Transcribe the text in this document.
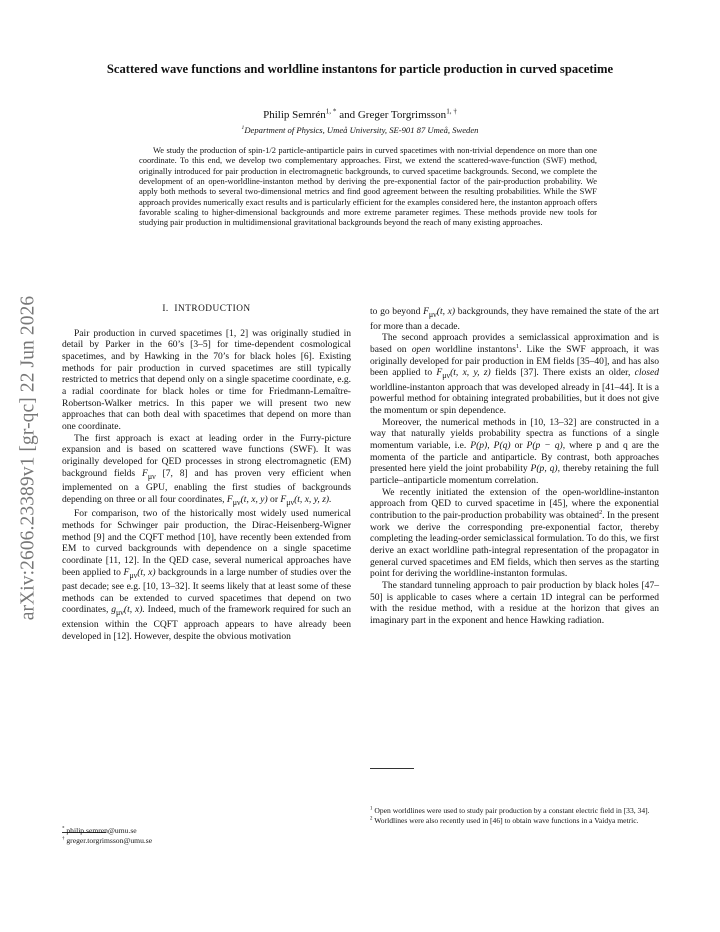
arXiv:2606.23389v1 [gr-qc] 22 Jun 2026
Scattered wave functions and worldline instantons for particle production in curved spacetime
Philip Semrén$^{1, *}$ and Greger Torgrimsson$^{1, \dagger}$
$^1$Department of Physics, Umeå University, SE-901 87 Umeå, Sweden
We study the production of spin-1/2 particle-antiparticle pairs in curved spacetimes with non-trivial dependence on more than one coordinate. To this end, we develop two complementary approaches. First, we extend the scattered-wave-function (SWF) method, originally introduced for pair production in electromagnetic backgrounds, to curved spacetime backgrounds. Second, we complete the development of an open-worldline-instanton method by deriving the pre-exponential factor of the pair-production probability. We apply both methods to several two-dimensional metrics and find good agreement between the resulting probabilities. While the SWF approach provides numerically exact results and is particularly efficient for the examples considered here, the instanton approach offers favorable scaling to higher-dimensional backgrounds and more extreme parameter regimes. These methods provide new tools for studying pair production in multidimensional gravitational backgrounds beyond the reach of many existing approaches.
I. INTRODUCTION

Pair production in curved spacetimes [1, 2] was originally studied in detail by Parker in the 60’s [3–5] for time-dependent cosmological spacetimes, and by Hawking in the 70’s for black holes [6]. Existing methods for pair production in curved spacetimes are still typically restricted to metrics that depend only on a single spacetime coordinate, e.g. a radial coordinate for black holes or time for Friedmann-Lemaître-Robertson-Walker metrics. In this paper we will present two new approaches that can both deal with spacetimes that depend on more than one coordinate.

The first approach is exact at leading order in the Furry-picture expansion and is based on scattered wave functions (SWF). It was originally developed for QED processes in strong electromagnetic (EM) background fields $F_{\mu\nu}$ [7, 8] and has proven very efficient when implemented on a GPU, enabling the first studies of backgrounds depending on three or all four coordinates, $F_{\mu\nu}(t$, x, y) or $F_{\mu\nu}(t$, x, y, z).

For comparison, two of the historically most widely used numerical methods for Schwinger pair production, the Dirac-Heisenberg-Wigner method [9] and the CQFT method [10], have recently been extended from EM to curved backgrounds with dependence on a single spacetime coordinate [11, 12]. In the QED case, several numerical approaches have been applied to $F_{\mu\nu}(t$, x) backgrounds in a large number of studies over the past decade; see e.g. [10, 13–32]. It seems likely that at least some of these methods can be extended to curved spacetimes that depend on two coordinates, $g_{\mu\nu}(t$, x). Indeed, much of the framework required for such an extension within the CQFT approach appears to have already been developed in [12]. However, despite the obvious motivation

to go beyond $F_{\mu\nu}(t$, x) backgrounds, they have remained the state of the art for more than a decade.

The second approach provides a semiclassical approximation and is based on open worldline instantons$^1$. Like the SWF approach, it was originally developed for pair production in EM fields [35–40], and has also been applied to $F_{\mu\nu}(t$, x, y, z) fields [37]. There exists an older, closed worldline-instanton approach that was developed already in [41–44]. It is a powerful method for obtaining integrated probabilities, but it does not give the momentum or spin dependence.

Moreover, the numerical methods in [10, 13–32] are constructed in a way that naturally yields probability spectra as functions of a single momentum variable, i.e. P(p), P(q) or P(p − q), where p and q are the momenta of the particle and antiparticle. By contrast, both approaches presented here yield the joint probability P(p, q), thereby retaining the full particle–antiparticle momentum correlation.

We recently initiated the extension of the open-worldline-instanton approach from QED to curved spacetime in [45], where the exponential contribution to the pair-production probability was obtained$^2$. In the present work we derive the corresponding pre-exponential factor, thereby completing the leading-order semiclassical formulation. To do this, we first derive an exact worldline path-integral representation of the propagator in general curved spacetimes and EM fields, which then serves as the starting point for deriving the worldline-instanton formulas.

The standard tunneling approach to pair production by black holes [47–50] is applicable to cases where a certain 1D integral can be performed with the residue method, with a residue at the horizon that gives an imaginary part in the exponent and hence Hawking radiation.

* philip.semren@umu.se
† greger.torgrimsson@umu.se
$^1$ Open worldlines were used to study pair production by a constant electric field in [33, 34].
$^2$ Worldlines were also recently used in [46] to obtain wave functions in a Vaidya metric.
